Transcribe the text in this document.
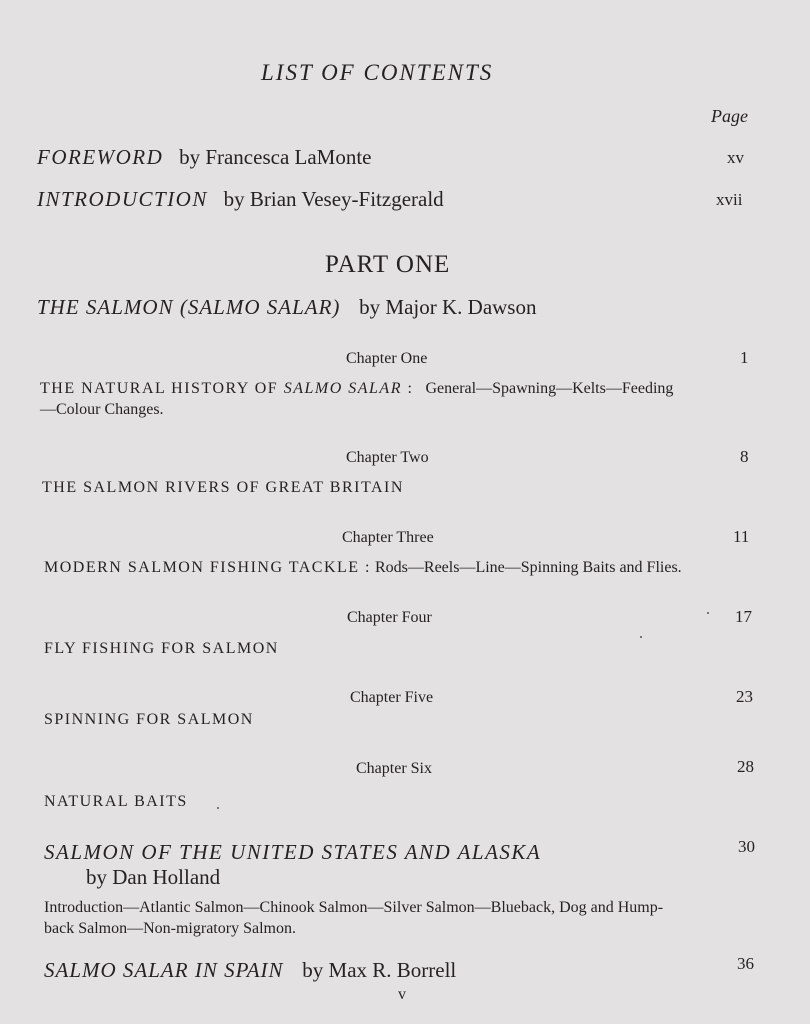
LIST OF CONTENTS
Page
FOREWORD by Francesca LaMonte	xv
INTRODUCTION by Brian Vesey-Fitzgerald	xvii
PART ONE
THE SALMON (SALMO SALAR) by Major K. Dawson
Chapter One	1
THE NATURAL HISTORY OF SALMO SALAR : General—Spawning—Kelts—Feeding
—Colour Changes.
Chapter Two	8
THE SALMON RIVERS OF GREAT BRITAIN
Chapter Three	11
MODERN SALMON FISHING TACKLE : Rods—Reels—Line—Spinning Baits and Flies.
Chapter Four	17
FLY FISHING FOR SALMON
Chapter Five	23
SPINNING FOR SALMON
Chapter Six	28
NATURAL BAITS
SALMON OF THE UNITED STATES AND ALASKA	30
by Dan Holland
Introduction—Atlantic Salmon—Chinook Salmon—Silver Salmon—Blueback, Dog and Hump-
back Salmon—Non-migratory Salmon.
SALMO SALAR IN SPAIN by Max R. Borrell	36
v
